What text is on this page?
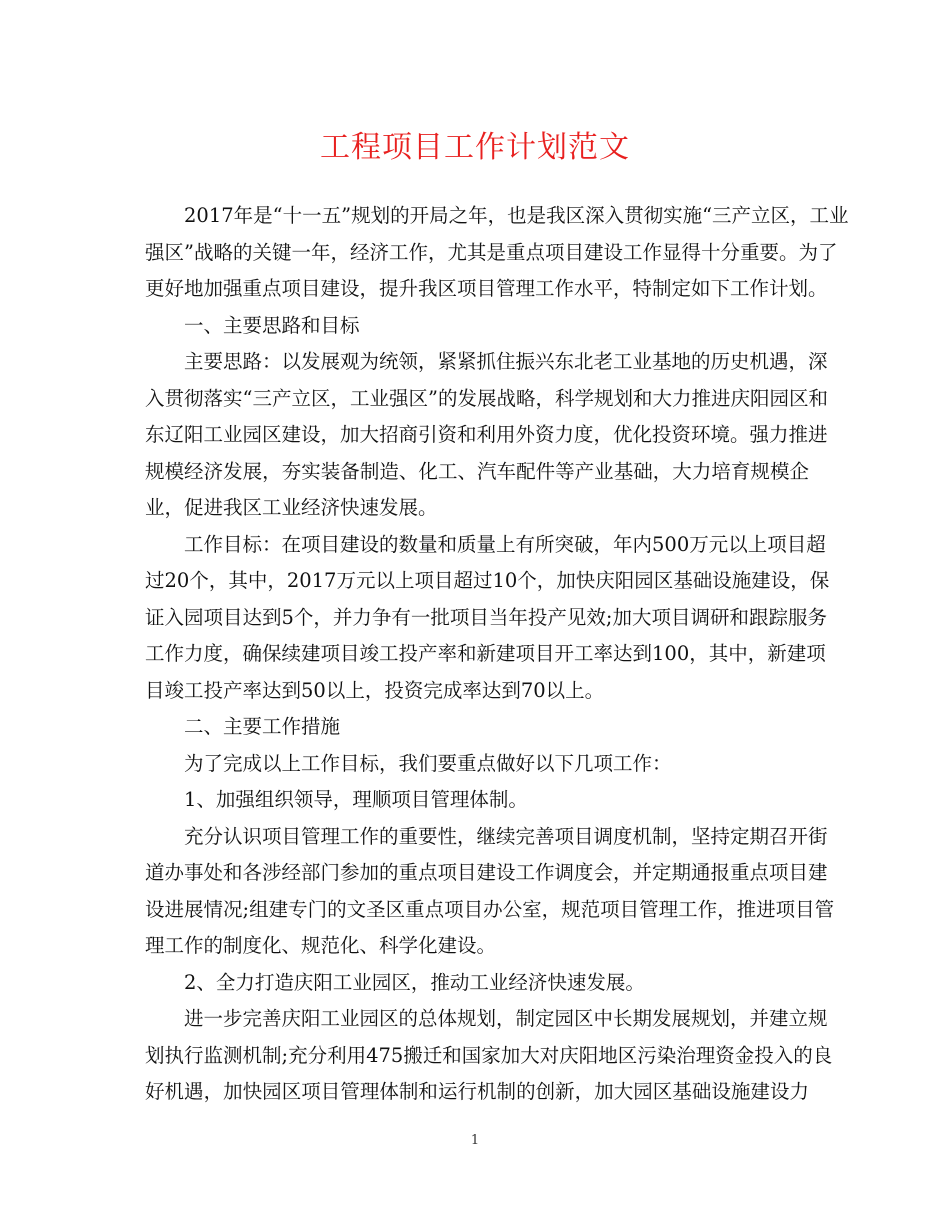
工程项目工作计划范文
2017年是“十一五”规划的开局之年，也是我区深入贯彻实施“三产立区，工业
强区”战略的关键一年，经济工作，尤其是重点项目建设工作显得十分重要。为了
更好地加强重点项目建设，提升我区项目管理工作水平，特制定如下工作计划。
一、主要思路和目标
主要思路：以发展观为统领，紧紧抓住振兴东北老工业基地的历史机遇，深
入贯彻落实“三产立区，工业强区”的发展战略，科学规划和大力推进庆阳园区和
东辽阳工业园区建设，加大招商引资和利用外资力度，优化投资环境。强力推进
规模经济发展，夯实装备制造、化工、汽车配件等产业基础，大力培育规模企
业，促进我区工业经济快速发展。
工作目标：在项目建设的数量和质量上有所突破，年内500万元以上项目超
过20个，其中，2017万元以上项目超过10个，加快庆阳园区基础设施建设，保
证入园项目达到5个，并力争有一批项目当年投产见效;加大项目调研和跟踪服务
工作力度，确保续建项目竣工投产率和新建项目开工率达到100，其中，新建项
目竣工投产率达到50以上，投资完成率达到70以上。
二、主要工作措施
为了完成以上工作目标，我们要重点做好以下几项工作：
1、加强组织领导，理顺项目管理体制。
充分认识项目管理工作的重要性，继续完善项目调度机制，坚持定期召开街
道办事处和各涉经部门参加的重点项目建设工作调度会，并定期通报重点项目建
设进展情况;组建专门的文圣区重点项目办公室，规范项目管理工作，推进项目管
理工作的制度化、规范化、科学化建设。
2、全力打造庆阳工业园区，推动工业经济快速发展。
进一步完善庆阳工业园区的总体规划，制定园区中长期发展规划，并建立规
划执行监测机制;充分利用475搬迁和国家加大对庆阳地区污染治理资金投入的良
好机遇，加快园区项目管理体制和运行机制的创新，加大园区基础设施建设力
1
